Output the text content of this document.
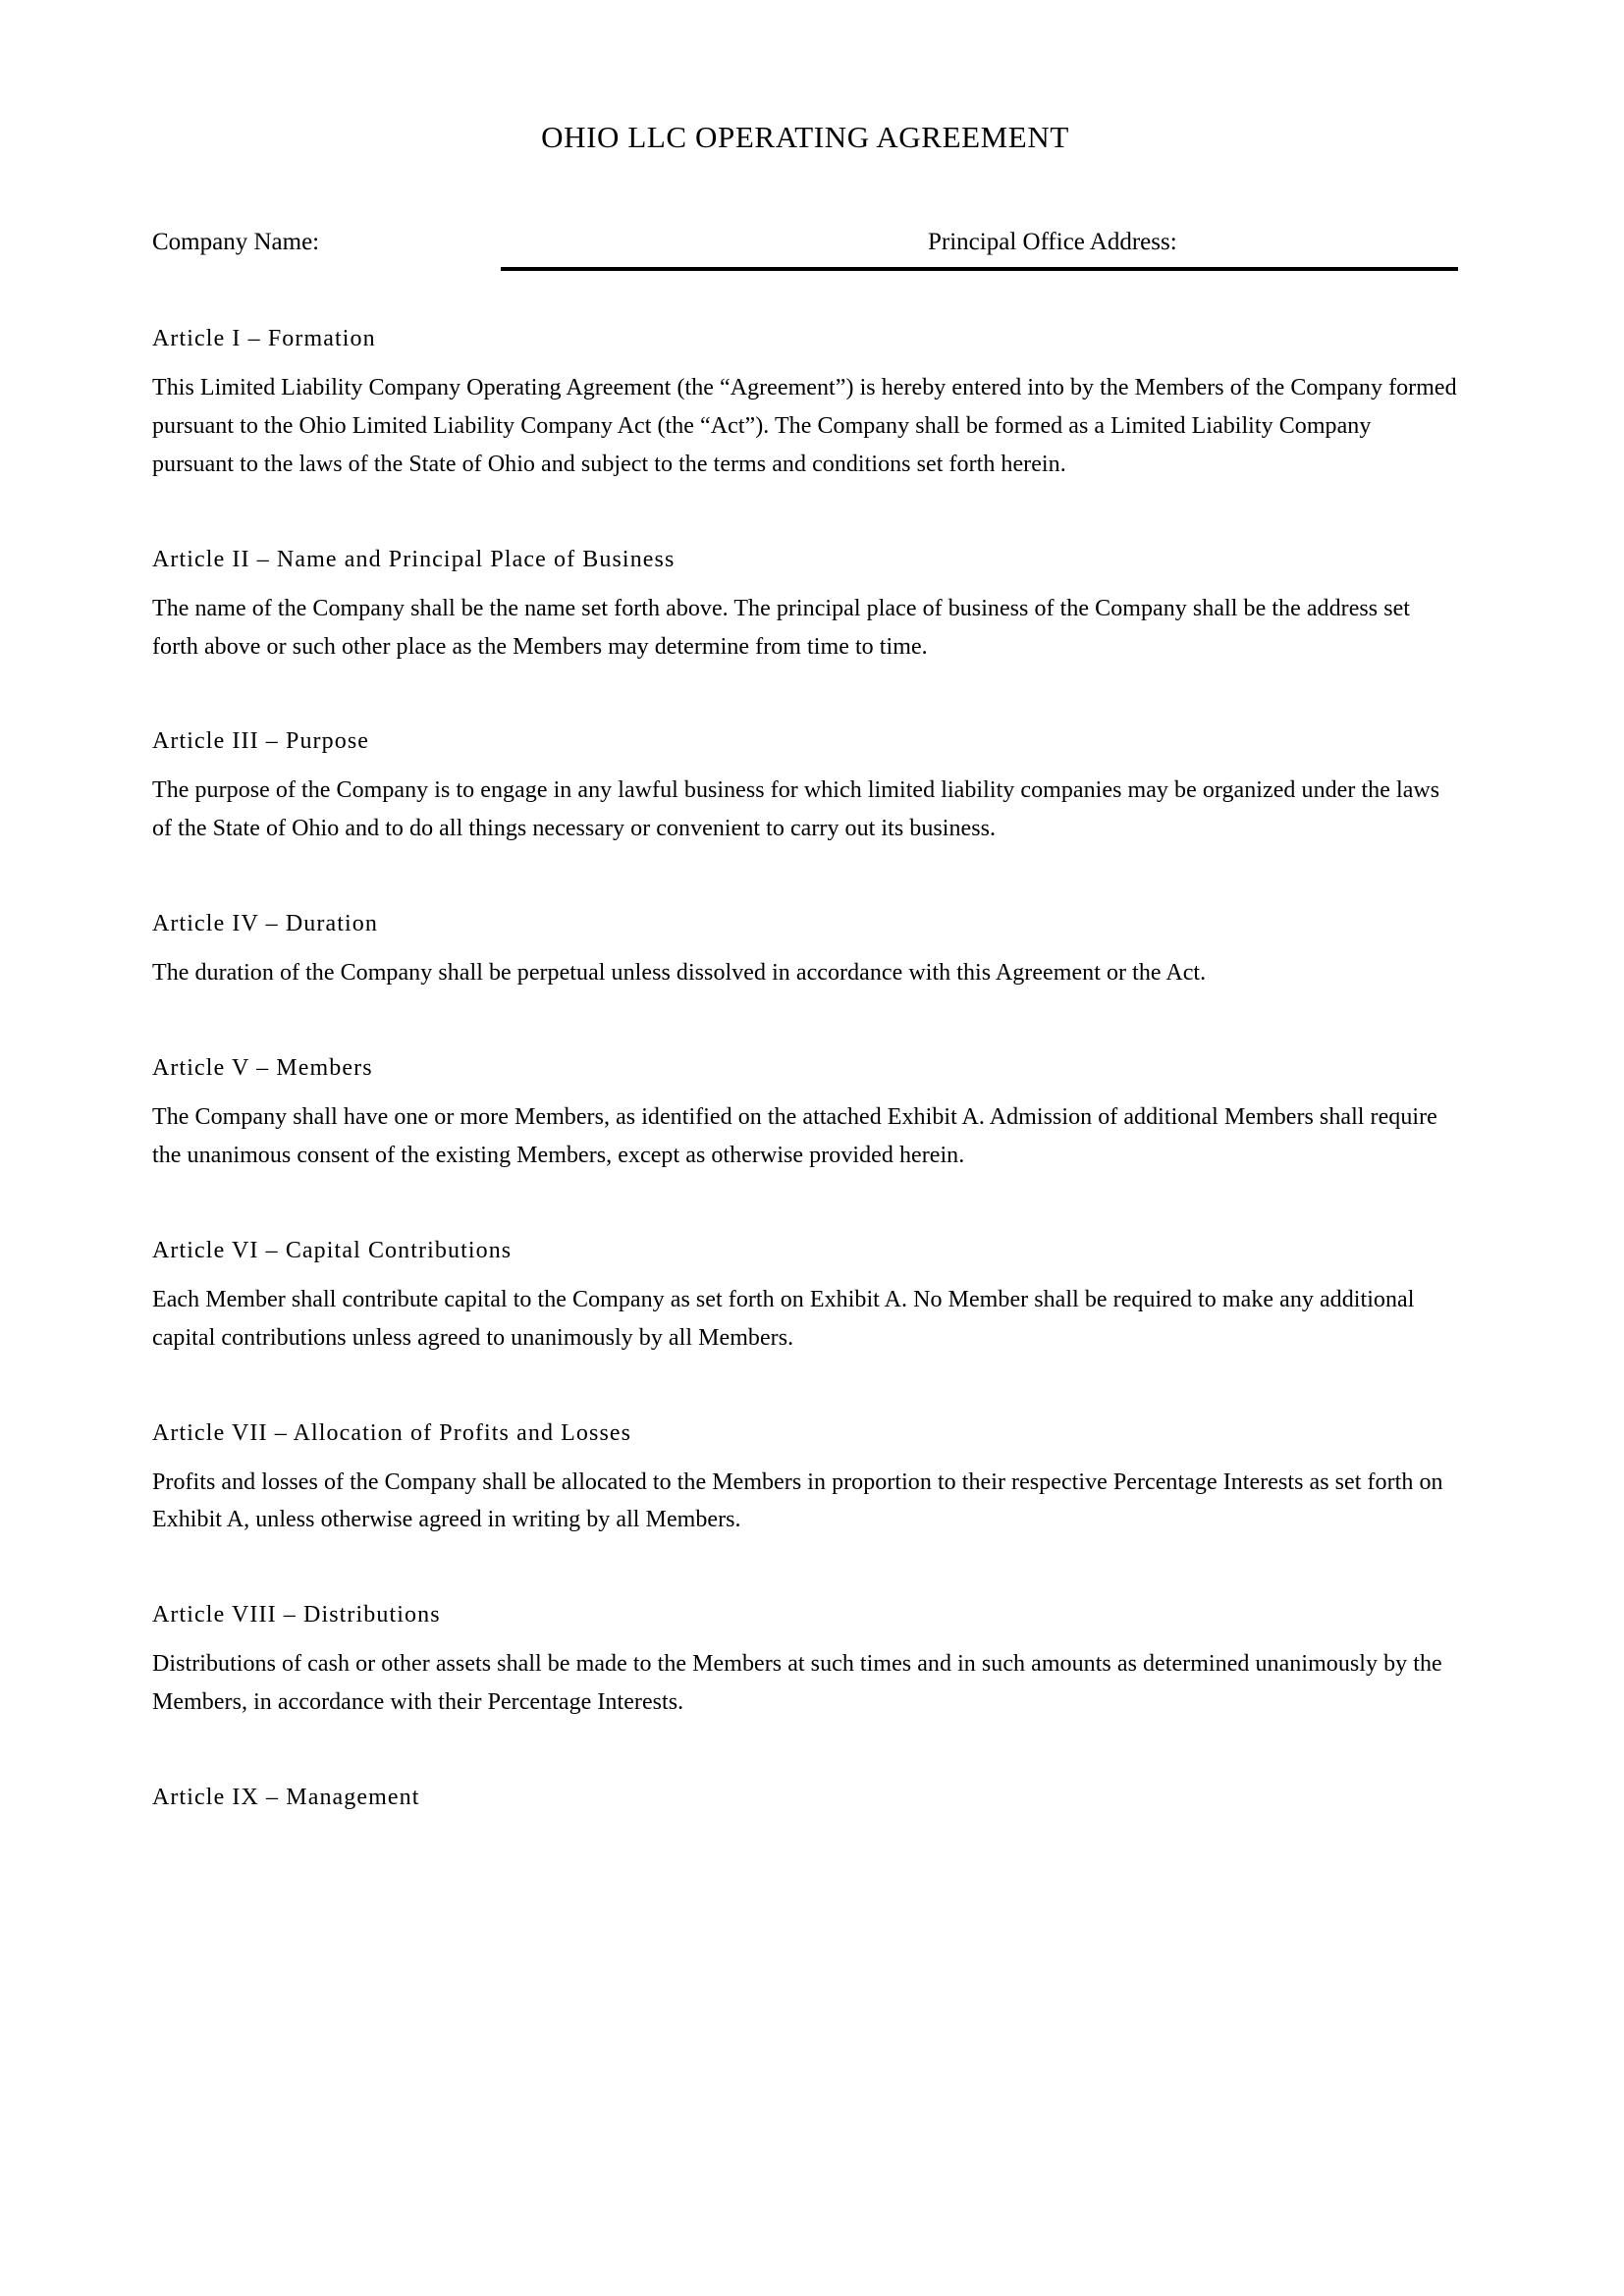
OHIO LLC OPERATING AGREEMENT
Company Name:	Principal Office Address:
Article I – Formation

This Limited Liability Company Operating Agreement (the “Agreement”) is hereby entered into by the Members of the Company formed pursuant to the Ohio Limited Liability Company Act (the “Act”). The Company shall be formed as a Limited Liability Company pursuant to the laws of the State of Ohio and subject to the terms and conditions set forth herein.

Article II – Name and Principal Place of Business

The name of the Company shall be the name set forth above. The principal place of business of the Company shall be the address set forth above or such other place as the Members may determine from time to time.

Article III – Purpose

The purpose of the Company is to engage in any lawful business for which limited liability companies may be organized under the laws of the State of Ohio and to do all things necessary or convenient to carry out its business.

Article IV – Duration

The duration of the Company shall be perpetual unless dissolved in accordance with this Agreement or the Act.

Article V – Members

The Company shall have one or more Members, as identified on the attached Exhibit A. Admission of additional Members shall require the unanimous consent of the existing Members, except as otherwise provided herein.

Article VI – Capital Contributions

Each Member shall contribute capital to the Company as set forth on Exhibit A. No Member shall be required to make any additional capital contributions unless agreed to unanimously by all Members.

Article VII – Allocation of Profits and Losses

Profits and losses of the Company shall be allocated to the Members in proportion to their respective Percentage Interests as set forth on Exhibit A, unless otherwise agreed in writing by all Members.

Article VIII – Distributions

Distributions of cash or other assets shall be made to the Members at such times and in such amounts as determined unanimously by the Members, in accordance with their Percentage Interests.

Article IX – Management
